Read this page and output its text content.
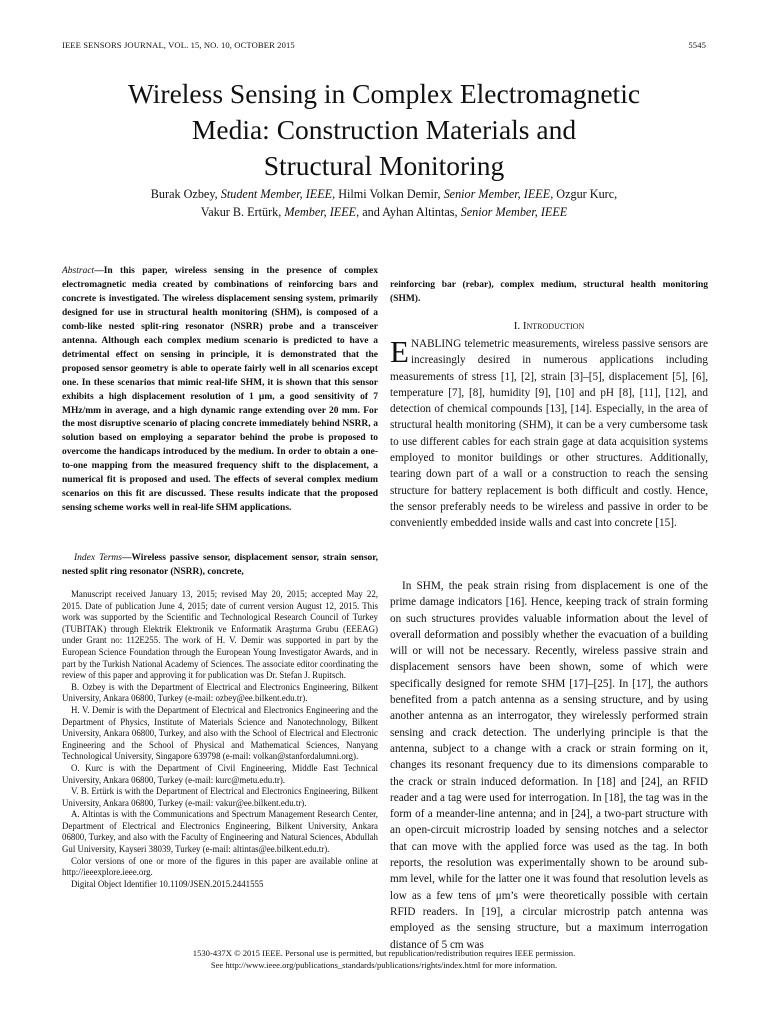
IEEE SENSORS JOURNAL, VOL. 15, NO. 10, OCTOBER 2015	5545
Wireless Sensing in Complex Electromagnetic
Media: Construction Materials and
Structural Monitoring
Burak Ozbey, Student Member, IEEE, Hilmi Volkan Demir, Senior Member, IEEE, Ozgur Kurc,
Vakur B. Ertürk, Member, IEEE, and Ayhan Altintas, Senior Member, IEEE
Abstract—In this paper, wireless sensing in the presence of complex electromagnetic media created by combinations of reinforcing bars and concrete is investigated. The wireless displacement sensing system, primarily designed for use in structural health monitoring (SHM), is composed of a comb-like nested split-ring resonator (NSRR) probe and a transceiver antenna. Although each complex medium scenario is predicted to have a detrimental effect on sensing in principle, it is demonstrated that the proposed sensor geometry is able to operate fairly well in all scenarios except one. In these scenarios that mimic real-life SHM, it is shown that this sensor exhibits a high displacement resolution of 1 μm, a good sensitivity of 7 MHz/mm in average, and a high dynamic range extending over 20 mm. For the most disruptive scenario of placing concrete immediately behind NSRR, a solution based on employing a separator behind the probe is proposed to overcome the handicaps introduced by the medium. In order to obtain a one-to-one mapping from the measured frequency shift to the displacement, a numerical fit is proposed and used. The effects of several complex medium scenarios on this fit are discussed. These results indicate that the proposed sensing scheme works well in real-life SHM applications.
Index Terms—Wireless passive sensor, displacement sensor, strain sensor, nested split ring resonator (NSRR), concrete,

Manuscript received January 13, 2015; revised May 20, 2015; accepted May 22, 2015. Date of publication June 4, 2015; date of current version August 12, 2015. This work was supported by the Scientific and Technological Research Council of Turkey (TUBITAK) through Elektrik Elektronik ve Enformatik Araştırma Grubu (EEEAG) under Grant no: 112E255. The work of H. V. Demir was supported in part by the European Science Foundation through the European Young Investigator Awards, and in part by the Turkish National Academy of Sciences. The associate editor coordinating the review of this paper and approving it for publication was Dr. Stefan J. Rupitsch.

B. Ozbey is with the Department of Electrical and Electronics Engineering, Bilkent University, Ankara 06800, Turkey (e-mail: ozbey@ee.bilkent.edu.tr).

H. V. Demir is with the Department of Electrical and Electronics Engineering and the Department of Physics, Institute of Materials Science and Nanotechnology, Bilkent University, Ankara 06800, Turkey, and also with the School of Electrical and Electronic Engineering and the School of Physical and Mathematical Sciences, Nanyang Technological University, Singapore 639798 (e-mail: volkan@stanfordalumni.org).

O. Kurc is with the Department of Civil Engineering, Middle East Technical University, Ankara 06800, Turkey (e-mail: kurc@metu.edu.tr).

V. B. Ertürk is with the Department of Electrical and Electronics Engineering, Bilkent University, Ankara 06800, Turkey (e-mail: vakur@ee.bilkent.edu.tr).

A. Altintas is with the Communications and Spectrum Management Research Center, Department of Electrical and Electronics Engineering, Bilkent University, Ankara 06800, Turkey, and also with the Faculty of Engineering and Natural Sciences, Abdullah Gul University, Kayseri 38039, Turkey (e-mail: altintas@ee.bilkent.edu.tr).

Color versions of one or more of the figures in this paper are available online at http://ieeexplore.ieee.org.

Digital Object Identifier 10.1109/JSEN.2015.2441555

reinforcing bar (rebar), complex medium, structural health monitoring (SHM).
I. Introduction
ENABLING telemetric measurements, wireless passive sensors are increasingly desired in numerous applications including measurements of stress [1], [2], strain [3]–[5], displacement [5], [6], temperature [7], [8], humidity [9], [10] and pH [8], [11], [12], and detection of chemical compounds [13], [14]. Especially, in the area of structural health monitoring (SHM), it can be a very cumbersome task to use different cables for each strain gage at data acquisition systems employed to monitor buildings or other structures. Additionally, tearing down part of a wall or a construction to reach the sensing structure for battery replacement is both difficult and costly. Hence, the sensor preferably needs to be wireless and passive in order to be conveniently embedded inside walls and cast into concrete [15].
In SHM, the peak strain rising from displacement is one of the prime damage indicators [16]. Hence, keeping track of strain forming on such structures provides valuable information about the level of overall deformation and possibly whether the evacuation of a building will or will not be necessary. Recently, wireless passive strain and displacement sensors have been shown, some of which were specifically designed for remote SHM [17]–[25]. In [17], the authors benefited from a patch antenna as a sensing structure, and by using another antenna as an interrogator, they wirelessly performed strain sensing and crack detection. The underlying principle is that the antenna, subject to a change with a crack or strain forming on it, changes its resonant frequency due to its dimensions comparable to the crack or strain induced deformation. In [18] and [24], an RFID reader and a tag were used for interrogation. In [18], the tag was in the form of a meander-line antenna; and in [24], a two-part structure with an open-circuit microstrip loaded by sensing notches and a selector that can move with the applied force was used as the tag. In both reports, the resolution was experimentally shown to be around sub-mm level, while for the latter one it was found that resolution levels as low as a few tens of μm’s were theoretically possible with certain RFID readers. In [19], a circular microstrip patch antenna was employed as the sensing structure, but a maximum interrogation distance of 5 cm was
1530-437X © 2015 IEEE. Personal use is permitted, but republication/redistribution requires IEEE permission.
See http://www.ieee.org/publications_standards/publications/rights/index.html for more information.
